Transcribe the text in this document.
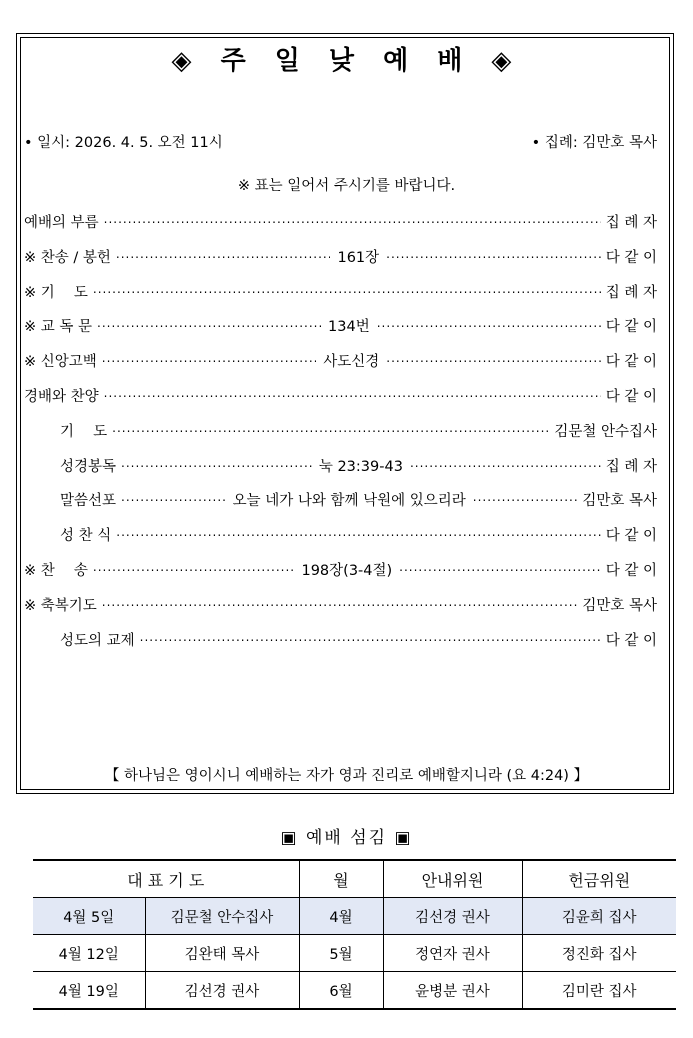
◈ 주 일 낮 예 배 ◈
• 일시: 2026. 4. 5. 오전 11시	• 집례: 김만호 목사
※ 표는 일어서 주시기를 바랍니다.
예배의 부름 .....	집 례 자
※ 찬송 / 봉헌 .....	161장 .....	다 같 이
※ 기　 도 .....	집 례 자
※ 교 독 문 .....	134번 .....	다 같 이
※ 신앙고백 .....	사도신경 .....	다 같 이
경배와 찬양 .....	다 같 이
기　 도 .....	김문철 안수집사
성경봉독 .....	눅 23:39-43 .....	집 례 자
말씀선포 .....	오늘 네가 나와 함께 낙원에 있으리라 .....	김만호 목사
성 찬 식 .....	다 같 이
※ 찬　 송 .....	198장(3-4절) .....	다 같 이
※ 축복기도 .....	김만호 목사
성도의 교제 .....	다 같 이
【 하나님은 영이시니 예배하는 자가 영과 진리로 예배할지니라 (요 4:24) 】
▣ 예배 섬김 ▣
대 표 기 도		월	안내위원	헌금위원
4월 5일	김문철 안수집사	4월	김선경 권사	김윤희 집사
4월 12일	김완태 목사	5월	정연자 권사	정진화 집사
4월 19일	김선경 권사	6월	윤병분 권사	김미란 집사
